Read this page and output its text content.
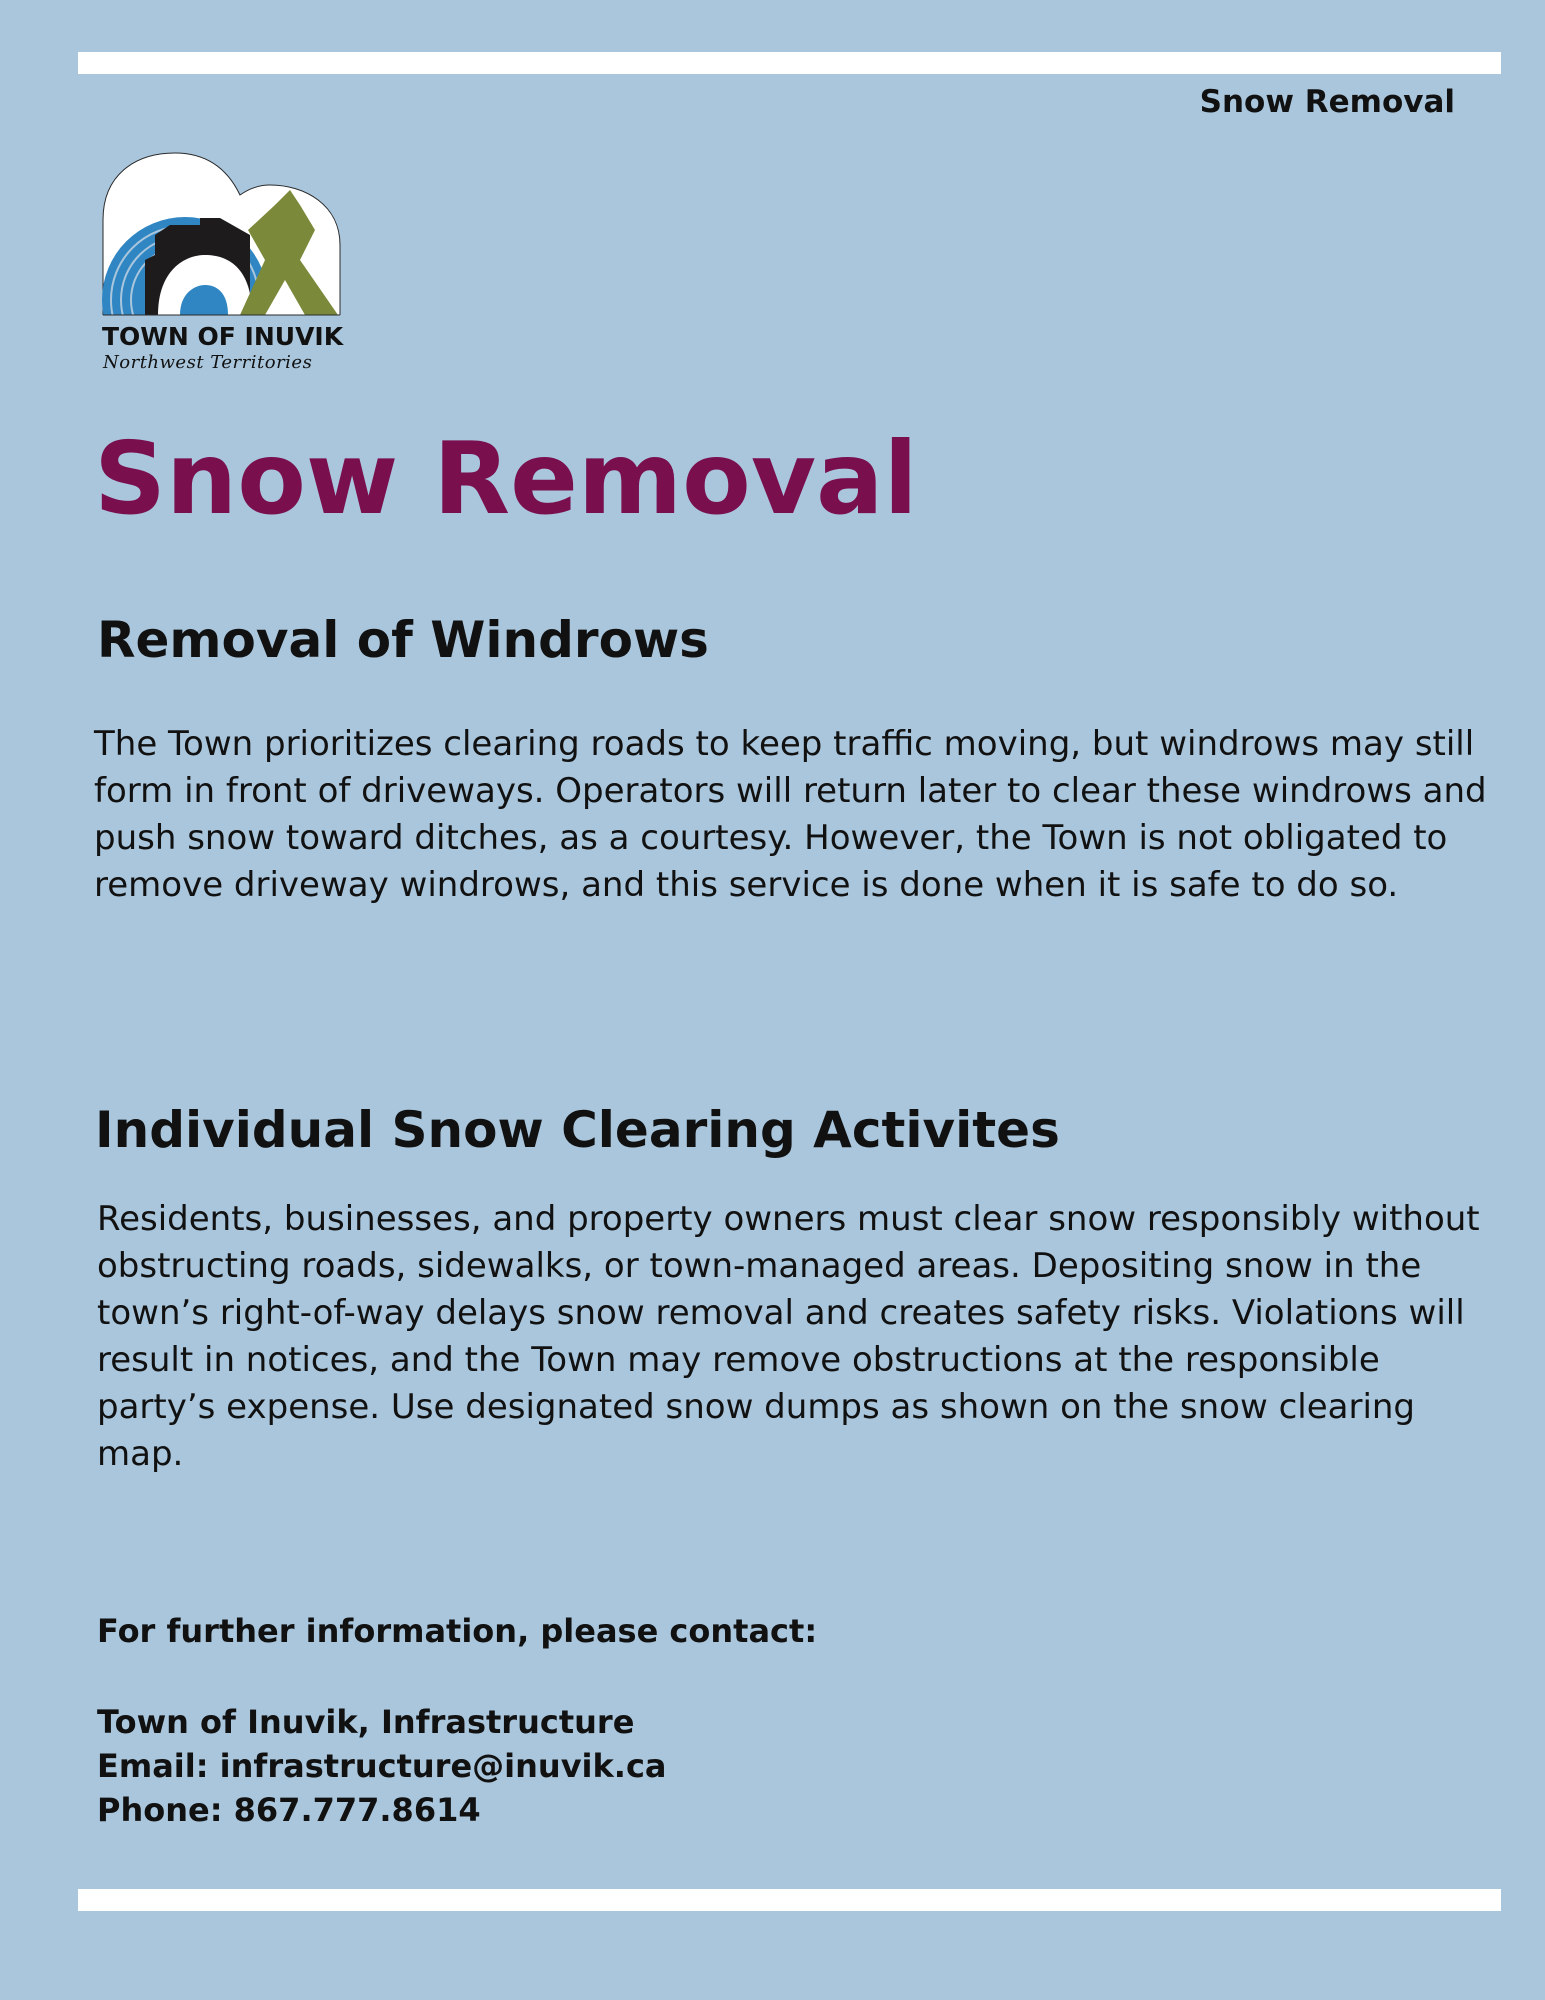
Snow Removal
TOWN OF INUVIK
Northwest Territories
Snow Removal
Removal of Windrows

The Town prioritizes clearing roads to keep traffic moving, but windrows may still form in front of driveways. Operators will return later to clear these windrows and push snow toward ditches, as a courtesy. However, the Town is not obligated to remove driveway windrows, and this service is done when it is safe to do so.

Individual Snow Clearing Activites

Residents, businesses, and property owners must clear snow responsibly without obstructing roads, sidewalks, or town-managed areas. Depositing snow in the town’s right-of-way delays snow removal and creates safety risks. Violations will result in notices, and the Town may remove obstructions at the responsible party’s expense. Use designated snow dumps as shown on the snow clearing map.

For further information, please contact:

Town of Inuvik, Infrastructure
Email: infrastructure@inuvik.ca
Phone: 867.777.8614
